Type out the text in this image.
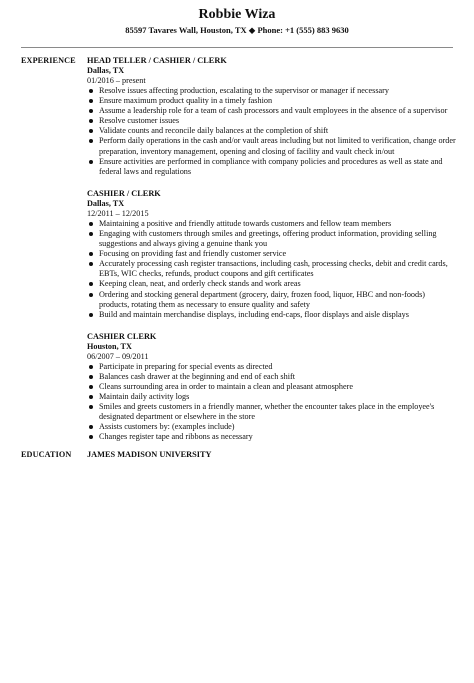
Robbie Wiza
85597 Tavares Wall, Houston, TX ◆ Phone: +1 (555) 883 9630
EXPERIENCE HEAD TELLER / CASHIER / CLERK
Dallas, TX
01/2016 – present
Resolve issues affecting production, escalating to the supervisor or manager if necessary
Ensure maximum product quality in a timely fashion
Assume a leadership role for a team of cash processors and vault employees in the absence of a supervisor
Resolve customer issues
Validate counts and reconcile daily balances at the completion of shift
Perform daily operations in the cash and/or vault areas including but not limited to verification, change order preparation, inventory management, opening and closing of facility and vault check in/out
Ensure activities are performed in compliance with company policies and procedures as well as state and federal laws and regulations
CASHIER / CLERK
Dallas, TX
12/2011 – 12/2015
Maintaining a positive and friendly attitude towards customers and fellow team members
Engaging with customers through smiles and greetings, offering product information, providing selling suggestions and always giving a genuine thank you
Focusing on providing fast and friendly customer service
Accurately processing cash register transactions, including cash, processing checks, debit and credit cards, EBTs, WIC checks, refunds, product coupons and gift certificates
Keeping clean, neat, and orderly check stands and work areas
Ordering and stocking general department (grocery, dairy, frozen food, liquor, HBC and non-foods) products, rotating them as necessary to ensure quality and safety
Build and maintain merchandise displays, including end-caps, floor displays and aisle displays
CASHIER CLERK
Houston, TX
06/2007 – 09/2011
Participate in preparing for special events as directed
Balances cash drawer at the beginning and end of each shift
Cleans surrounding area in order to maintain a clean and pleasant atmosphere
Maintain daily activity logs
Smiles and greets customers in a friendly manner, whether the encounter takes place in the employee's designated department or elsewhere in the store
Assists customers by: (examples include)
Changes register tape and ribbons as necessary
EDUCATION JAMES MADISON UNIVERSITY
